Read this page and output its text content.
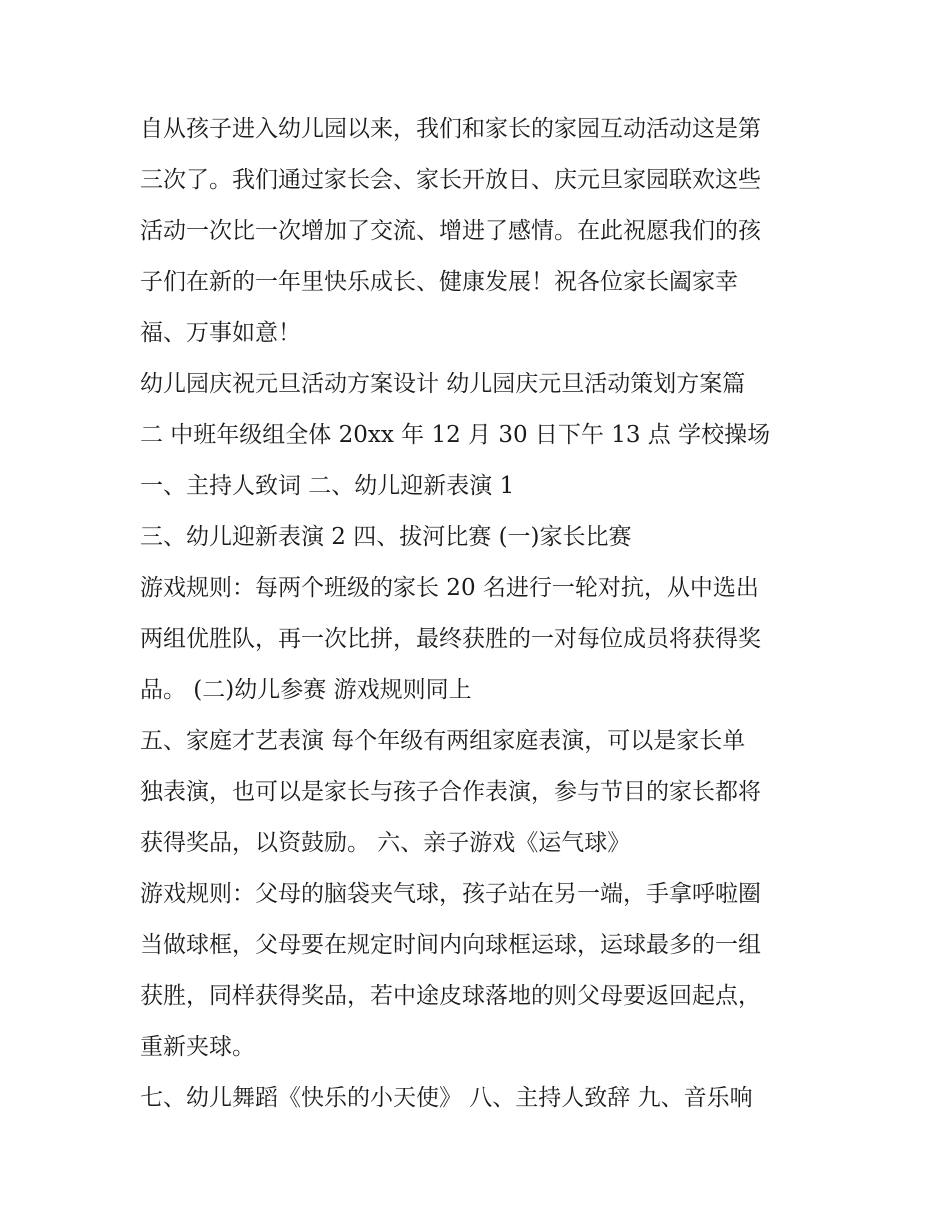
自从孩子进入幼儿园以来，我们和家长的家园互动活动这是第
三次了。我们通过家长会、家长开放日、庆元旦家园联欢这些
活动一次比一次增加了交流、增进了感情。在此祝愿我们的孩
子们在新的一年里快乐成长、健康发展！祝各位家长阖家幸
福、万事如意！
幼儿园庆祝元旦活动方案设计 幼儿园庆元旦活动策划方案篇
二 中班年级组全体 20xx 年 12 月 30 日下午 13 点 学校操场
一、主持人致词 二、幼儿迎新表演 1
三、幼儿迎新表演 2 四、拔河比赛 (一)家长比赛
游戏规则：每两个班级的家长 20 名进行一轮对抗，从中选出
两组优胜队，再一次比拼，最终获胜的一对每位成员将获得奖
品。 (二)幼儿参赛 游戏规则同上
五、家庭才艺表演 每个年级有两组家庭表演，可以是家长单
独表演，也可以是家长与孩子合作表演，参与节目的家长都将
获得奖品，以资鼓励。 六、亲子游戏《运气球》
游戏规则：父母的脑袋夹气球，孩子站在另一端，手拿呼啦圈
当做球框，父母要在规定时间内向球框运球，运球最多的一组
获胜，同样获得奖品，若中途皮球落地的则父母要返回起点，
重新夹球。
七、幼儿舞蹈《快乐的小天使》 八、主持人致辞 九、音乐响
